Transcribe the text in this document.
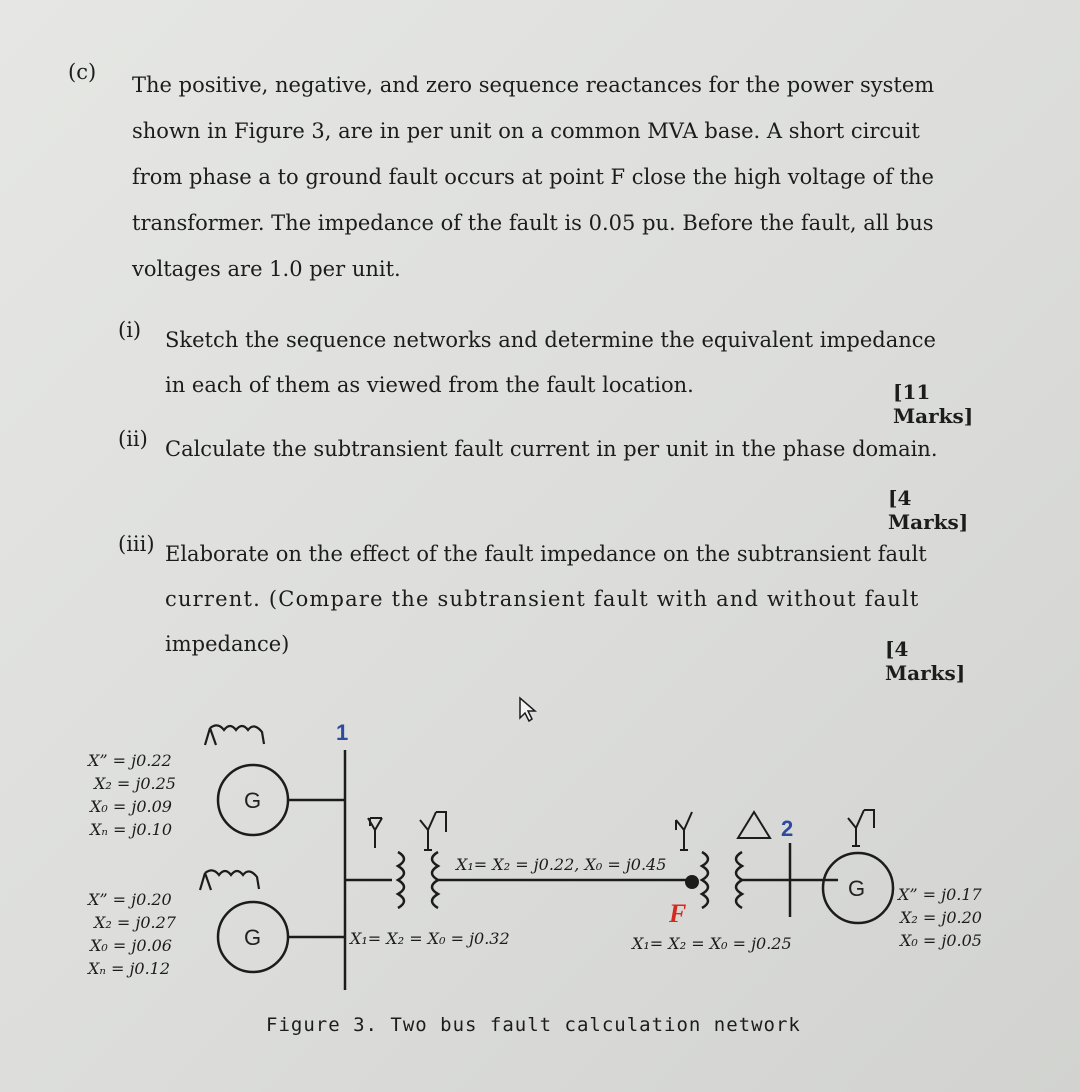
(c)
The positive, negative, and zero sequence reactances for the power system
shown in Figure 3, are in per unit on a common MVA base. A short circuit
from phase a to ground fault occurs at point F close the high voltage of the
transformer. The impedance of the fault is 0.05 pu. Before the fault, all bus
voltages are 1.0 per unit.
(i) Sketch the sequence networks and determine the equivalent impedance
in each of them as viewed from the fault location.	[11 Marks]
(ii) Calculate the subtransient fault current in per unit in the phase domain.
[4 Marks]
(iii) Elaborate on the effect of the fault impedance on the subtransient fault
current. (Compare the subtransient fault with and without fault
impedance)	[4 Marks]
F
1
2
G
G
G
X” = j0.22
X₂ = j0.25
X₀ = j0.09
Xₙ = j0.10
X” = j0.20
X₂ = j0.27
X₀ = j0.06
Xₙ = j0.12
X” = j0.17
X₂ = j0.20
X₀ = j0.05
X₁= X₂ = j0.22, X₀ = j0.45
X₁= X₂ = X₀ = j0.32	X₁= X₂ = X₀ = j0.25
Figure 3. Two bus fault calculation network
